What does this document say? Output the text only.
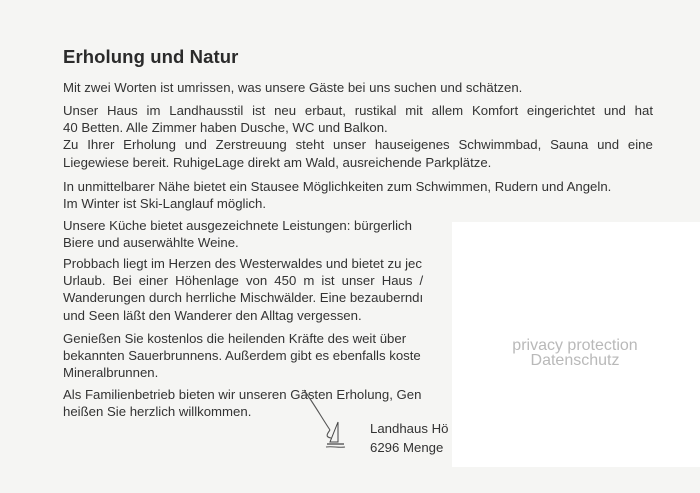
Erholung und Natur
Mit zwei Worten ist umrissen, was unsere Gäste bei uns suchen und schätzen.
Unser Haus im Landhausstil ist neu erbaut, rustikal mit allem Komfort eingerichtet und hat
40 Betten. Alle Zimmer haben Dusche, WC und Balkon.
Zu Ihrer Erholung und Zerstreuung steht unser hauseigenes Schwimmbad, Sauna und eine
Liegewiese bereit. RuhigeLage direkt am Wald, ausreichende Parkplätze.
In unmittelbarer Nähe bietet ein Stausee Möglichkeiten zum Schwimmen, Rudern und Angeln.
Im Winter ist Ski-Langlauf möglich.
Unsere Küche bietet ausgezeichnete Leistungen: bürgerlich
Biere und auserwählte Weine.
Probbach liegt im Herzen des Westerwaldes und bietet zu jec
Urlaub. Bei einer Höhenlage von 450 m ist unser Haus /
Wanderungen durch herrliche Mischwälder. Eine bezauberndı
und Seen läßt den Wanderer den Alltag vergessen.
Genießen Sie kostenlos die heilenden Kräfte des weit über
bekannten Sauerbrunnens. Außerdem gibt es ebenfalls koste
Mineralbrunnen.
Als Familienbetrieb bieten wir unseren Gästen Erholung, Gen
heißen Sie herzlich willkommen.
privacy protection
Datenschutz
Landhaus Hö
6296 Menge
